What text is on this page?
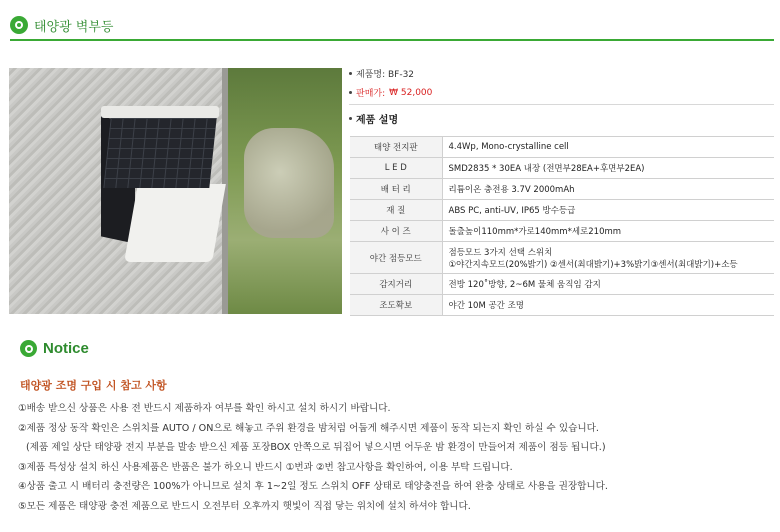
태양광 벽부등
제품명: BF-32
판매가: ₩ 52,000
제품 설명
태양 전지판	4.4Wp, Mono-crystalline cell
L E D	SMD2835 * 30EA 내장 (전면부28EA+후면부2EA)
배 터 리	리튬이온 충전용 3.7V 2000mAh
재 질	ABS PC, anti-UV, IP65 방수등급
사 이 즈	돌출높이110mm*가로140mm*세로210mm
야간 점등모드	점등모드 3가지 선택 스위치
①야간지속모드(20%밝기) ②센서(최대밝기)+3%밝기③센서(최대밝기)+소등

감지거리	전방 120˚방향, 2~6M 물체 움직임 감지
조도확보	야간 10M 공간 조명
Notice
태양광 조명 구입 시 참고 사항
①배송 받으신 상품은 사용 전 반드시 제품하자 여부를 확인 하시고 설치 하시기 바랍니다.
②제품 정상 동작 확인은 스위치를 AUTO / ON으로 해놓고 주위 환경을 밤처럼 어둡게 해주시면 제품이 동작 되는지 확인 하실 수 있습니다.
(제품 제일 상단 태양광 전지 부분을 발송 받으신 제품 포장BOX 안쪽으로 뒤집어 넣으시면 어두운 밤 환경이 만들어져 제품이 점등 됩니다.)
③제품 특성상 설치 하신 사용제품은 반품은 불가 하오니 반드시 ①번과 ②번 참고사항을 확인하여, 이용 부탁 드립니다.
④상품 출고 시 배터리 충전량은 100%가 아니므로 설치 후 1~2일 정도 스위치 OFF 상태로 태양충전을 하여 완충 상태로 사용을 권장합니다.
⑤모든 제품은 태양광 충전 제품으로 반드시 오전부터 오후까지 햇빛이 직접 닿는 위치에 설치 하셔야 합니다.
